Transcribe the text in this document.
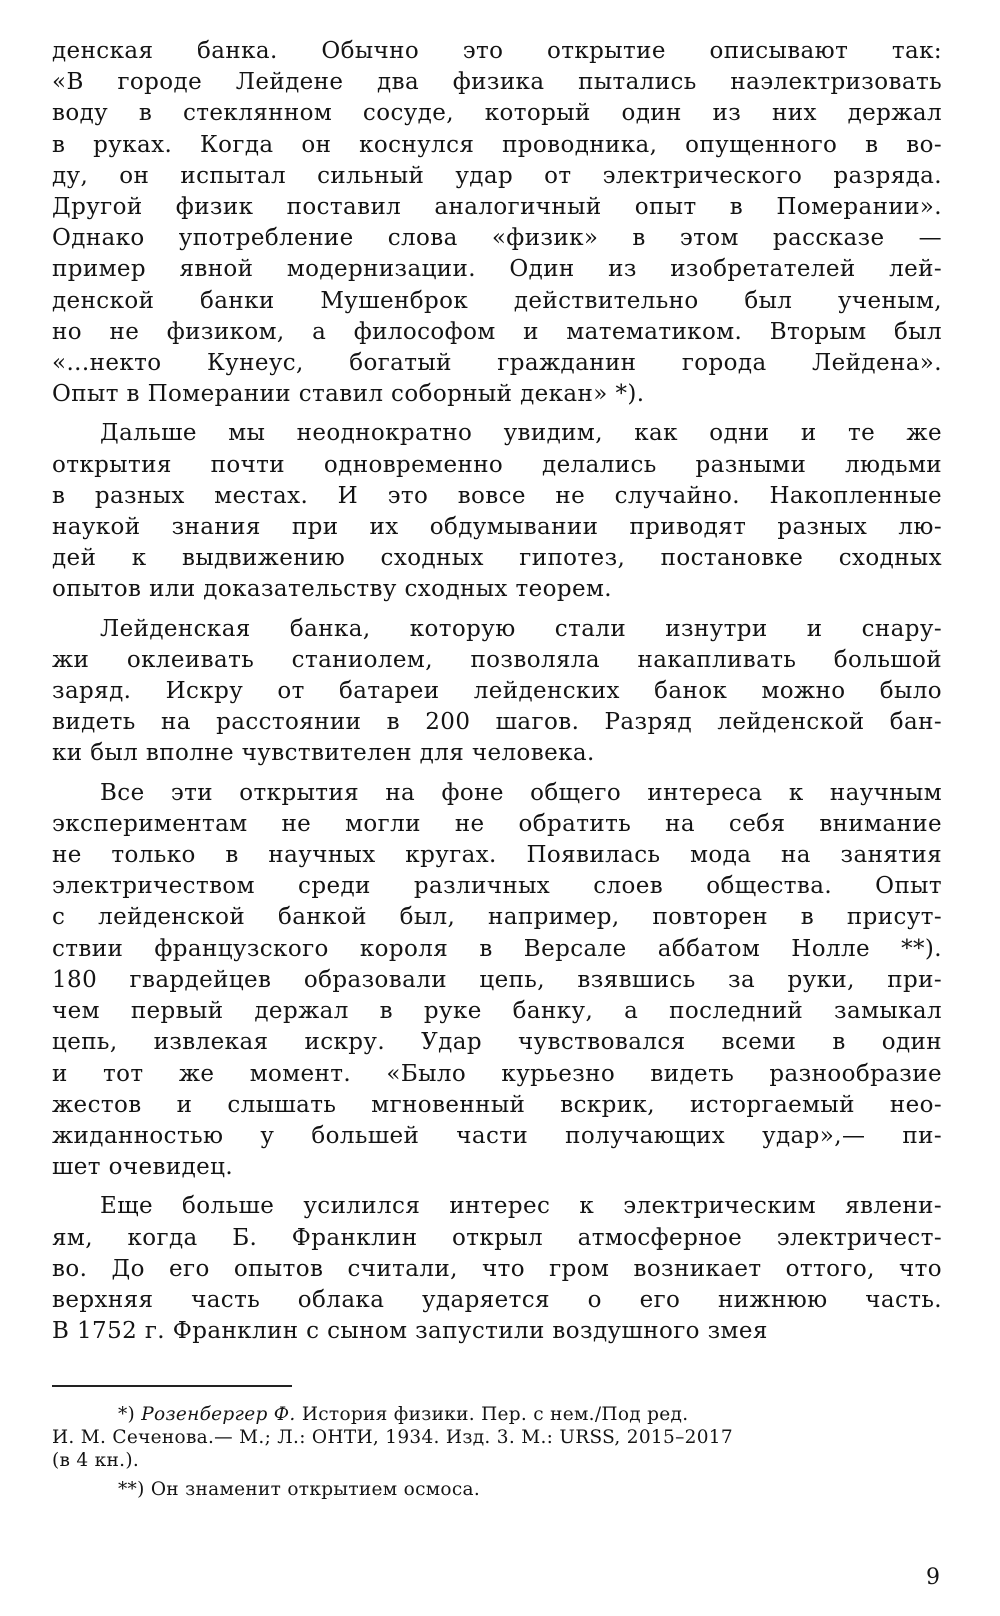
денская банка. Обычно это открытие описывают так:
«В городе Лейдене два физика пытались наэлектризовать
воду в стеклянном сосуде, который один из них держал
в руках. Когда он коснулся проводника, опущенного в во-
ду, он испытал сильный удар от электрического разряда.
Другой физик поставил аналогичный опыт в Померании».
Однако употребление слова «физик» в этом рассказе —
пример явной модернизации. Один из изобретателей лей-
денской банки Мушенброк действительно был ученым,
но не физиком, а философом и математиком. Вторым был
«...некто Кунеус, богатый гражданин города Лейдена».
Опыт в Померании ставил соборный декан» *).
Дальше мы неоднократно увидим, как одни и те же
открытия почти одновременно делались разными людьми
в разных местах. И это вовсе не случайно. Накопленные
наукой знания при их обдумывании приводят разных лю-
дей к выдвижению сходных гипотез, постановке сходных
опытов или доказательству сходных теорем.
Лейденская банка, которую стали изнутри и снару-
жи оклеивать станиолем, позволяла накапливать большой
заряд. Искру от батареи лейденских банок можно было
видеть на расстоянии в 200 шагов. Разряд лейденской бан-
ки был вполне чувствителен для человека.
Все эти открытия на фоне общего интереса к научным
экспериментам не могли не обратить на себя внимание
не только в научных кругах. Появилась мода на занятия
электричеством среди различных слоев общества. Опыт
с лейденской банкой был, например, повторен в присут-
ствии французского короля в Версале аббатом Нолле **).
180 гвардейцев образовали цепь, взявшись за руки, при-
чем первый держал в руке банку, а последний замыкал
цепь, извлекая искру. Удар чувствовался всеми в один
и тот же момент. «Было курьезно видеть разнообразие
жестов и слышать мгновенный вскрик, исторгаемый нео-
жиданностью у большей части получающих удар»,— пи-
шет очевидец.
Еще больше усилился интерес к электрическим явлени-
ям, когда Б. Франклин открыл атмосферное электричест-
во. До его опытов считали, что гром возникает оттого, что
верхняя часть облака ударяется о его нижнюю часть.
В 1752 г. Франклин с сыном запустили воздушного змея
*) Розенбергер Ф. История физики. Пер. с нем./Под ред.
И. М. Сеченова.— М.; Л.: ОНТИ, 1934. Изд. 3. М.: URSS, 2015–2017
(в 4 кн.).
**) Он знаменит открытием осмоса.
9
